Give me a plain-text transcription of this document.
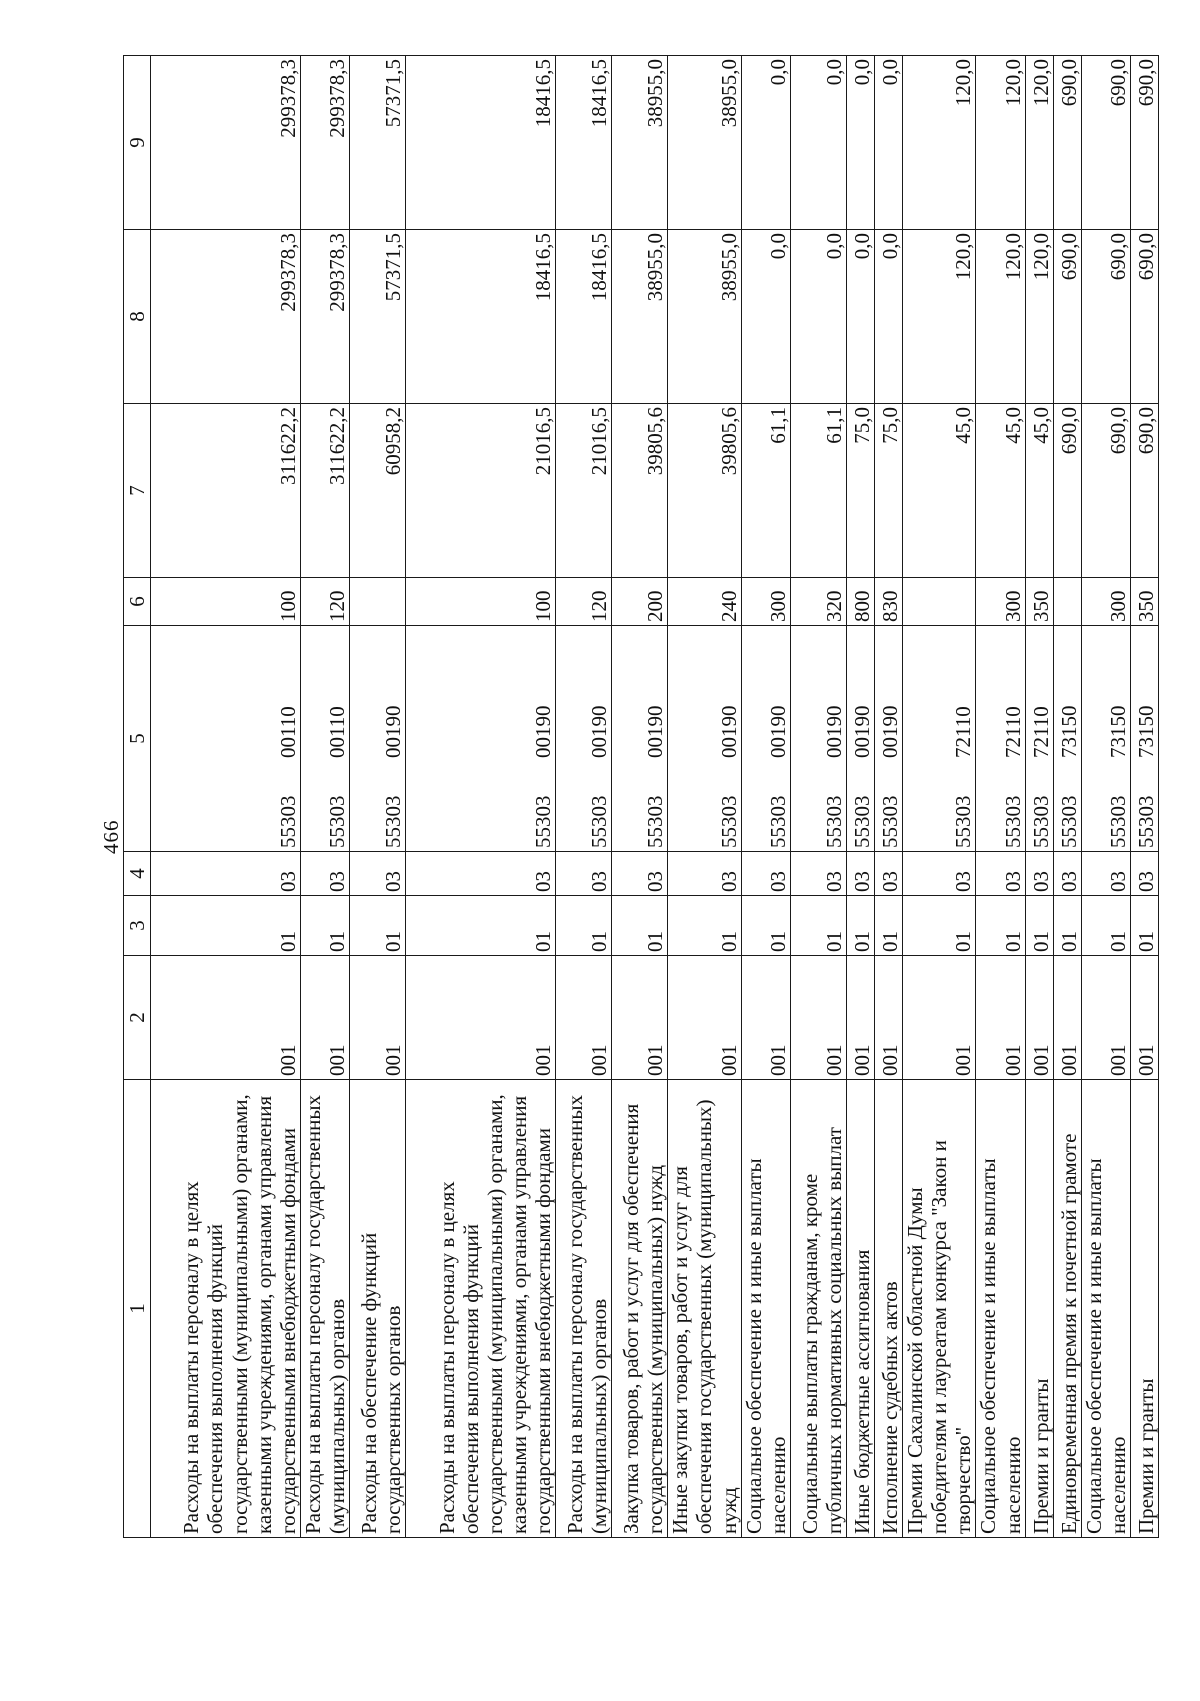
466
1	2	3	4	5	6	7	8	9
Расходы на выплаты персоналу в целях обеспечения выполнения функций государственными (муниципальными) органами, казенными учреждениями, органами управления государственными внебюджетными фондами	001	01	03	5530300110	100	311622,2	299378,3	299378,3
Расходы на выплаты персоналу государственных (муниципальных) органов	001	01	03	5530300110	120	311622,2	299378,3	299378,3
Расходы на обеспечение функций государственных органов	001	01	03	5530300190		60958,2	57371,5	57371,5
Расходы на выплаты персоналу в целях обеспечения выполнения функций государственными (муниципальными) органами, казенными учреждениями, органами управления государственными внебюджетными фондами	001	01	03	5530300190	100	21016,5	18416,5	18416,5
Расходы на выплаты персоналу государственных (муниципальных) органов	001	01	03	5530300190	120	21016,5	18416,5	18416,5
Закупка товаров, работ и услуг для обеспечения государственных (муниципальных) нужд	001	01	03	5530300190	200	39805,6	38955,0	38955,0
Иные закупки товаров, работ и услуг для обеспечения государственных (муниципальных) нужд	001	01	03	5530300190	240	39805,6	38955,0	38955,0
Социальное обеспечение и иные выплаты населению	001	01	03	5530300190	300	61,1	0,0	0,0
Социальные выплаты гражданам, кроме публичных нормативных социальных выплат	001	01	03	5530300190	320	61,1	0,0	0,0
Иные бюджетные ассигнования	001	01	03	5530300190	800	75,0	0,0	0,0
Исполнение судебных актов	001	01	03	5530300190	830	75,0	0,0	0,0
Премии Сахалинской областной Думы победителям и лауреатам конкурса "Закон и творчество"	001	01	03	5530372110		45,0	120,0	120,0
Социальное обеспечение и иные выплаты населению	001	01	03	5530372110	300	45,0	120,0	120,0
Премии и гранты	001	01	03	5530372110	350	45,0	120,0	120,0
Единовременная премия к почетной грамоте	001	01	03	5530373150		690,0	690,0	690,0
Социальное обеспечение и иные выплаты населению	001	01	03	5530373150	300	690,0	690,0	690,0
Премии и гранты	001	01	03	5530373150	350	690,0	690,0	690,0
